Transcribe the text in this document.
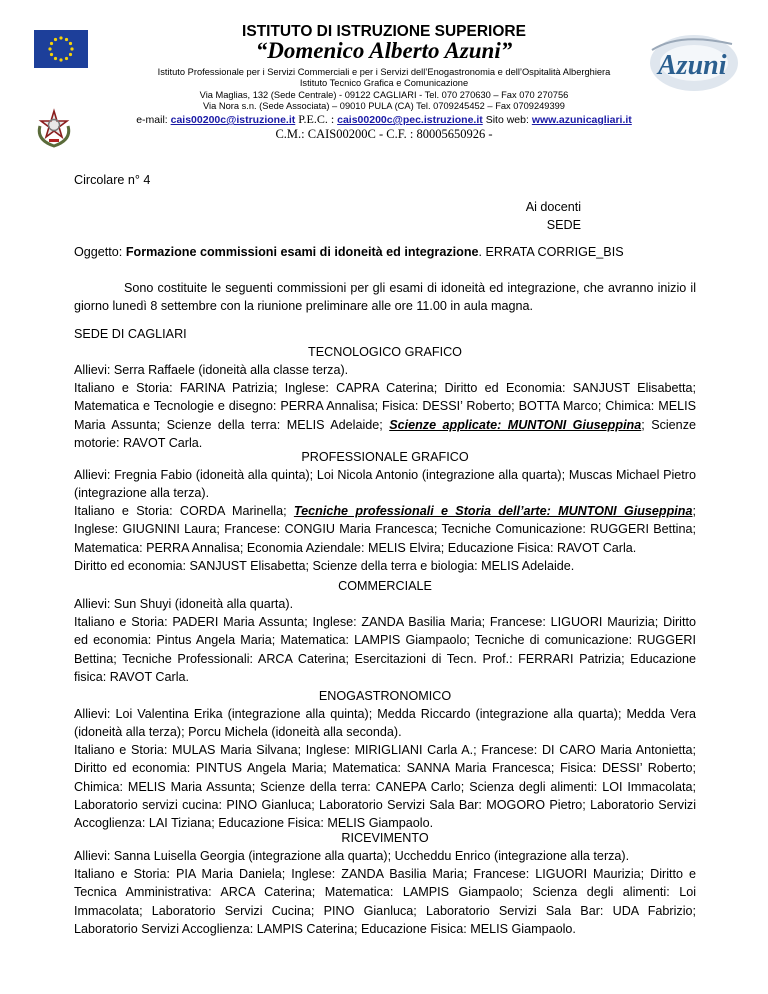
Azuni
ISTITUTO DI ISTRUZIONE SUPERIORE
“Domenico Alberto Azuni”
Istituto Professionale per i Servizi Commerciali e per i Servizi dell’Enogastronomia e dell’Ospitalità Alberghiera
Istituto Tecnico Grafica e Comunicazione
Via Maglias, 132 (Sede Centrale) - 09122 CAGLIARI - Tel. 070 270630 – Fax 070 270756
Via Nora s.n. (Sede Associata) – 09010 PULA (CA) Tel. 0709245452 – Fax 0709249399
e-mail: cais00200c@istruzione.it P.E.C. : cais00200c@pec.istruzione.it Sito web: www.azunicagliari.it
C.M.: CAIS00200C - C.F. : 80005650926 -
Circolare n° 4

Ai docenti

SEDE

Oggetto: Formazione commissioni esami di idoneità ed integrazione. ERRATA CORRIGE_BIS
Sono costituite le seguenti commissioni per gli esami di idoneità ed integrazione, che avranno inizio il giorno lunedì 8 settembre con la riunione preliminare alle ore 11.00 in aula magna.
SEDE DI CAGLIARI
TECNOLOGICO GRAFICO
Allievi: Serra Raffaele (idoneità alla classe terza).
Italiano e Storia: FARINA Patrizia; Inglese: CAPRA Caterina; Diritto ed Economia: SANJUST Elisabetta; Matematica e Tecnologie e disegno: PERRA Annalisa; Fisica: DESSI’ Roberto; BOTTA Marco; Chimica: MELIS Maria Assunta; Scienze della terra: MELIS Adelaide; Scienze applicate: MUNTONI Giuseppina; Scienze motorie: RAVOT Carla.
PROFESSIONALE GRAFICO
Allievi: Fregnia Fabio (idoneità alla quinta); Loi Nicola Antonio (integrazione alla quarta); Muscas Michael Pietro (integrazione alla terza).
Italiano e Storia: CORDA Marinella; Tecniche professionali e Storia dell’arte: MUNTONI Giuseppina; Inglese: GIUGNINI Laura; Francese: CONGIU Maria Francesca; Tecniche Comunicazione: RUGGERI Bettina; Matematica: PERRA Annalisa; Economia Aziendale: MELIS Elvira; Educazione Fisica: RAVOT Carla.
Diritto ed economia: SANJUST Elisabetta; Scienze della terra e biologia: MELIS Adelaide.
COMMERCIALE
Allievi: Sun Shuyi (idoneità alla quarta).
Italiano e Storia: PADERI Maria Assunta; Inglese: ZANDA Basilia Maria; Francese: LIGUORI Maurizia; Diritto ed economia: Pintus Angela Maria; Matematica: LAMPIS Giampaolo; Tecniche di comunicazione: RUGGERI Bettina; Tecniche Professionali: ARCA Caterina; Esercitazioni di Tecn. Prof.: FERRARI Patrizia; Educazione fisica: RAVOT Carla.
ENOGASTRONOMICO
Allievi: Loi Valentina Erika (integrazione alla quinta); Medda Riccardo (integrazione alla quarta); Medda Vera (idoneità alla terza); Porcu Michela (idoneità alla seconda).
Italiano e Storia: MULAS Maria Silvana; Inglese: MIRIGLIANI Carla A.; Francese: DI CARO Maria Antonietta; Diritto ed economia: PINTUS Angela Maria; Matematica: SANNA Maria Francesca; Fisica: DESSI’ Roberto; Chimica: MELIS Maria Assunta; Scienze della terra: CANEPA Carlo; Scienza degli alimenti: LOI Immacolata; Laboratorio servizi cucina: PINO Gianluca; Laboratorio Servizi Sala Bar: MOGORO Pietro; Laboratorio Servizi Accoglienza: LAI Tiziana; Educazione Fisica: MELIS Giampaolo.
RICEVIMENTO
Allievi: Sanna Luisella Georgia (integrazione alla quarta); Uccheddu Enrico (integrazione alla terza).
Italiano e Storia: PIA Maria Daniela; Inglese: ZANDA Basilia Maria; Francese: LIGUORI Maurizia; Diritto e Tecnica Amministrativa: ARCA Caterina; Matematica: LAMPIS Giampaolo; Scienza degli alimenti: Loi Immacolata; Laboratorio Servizi Cucina; PINO Gianluca; Laboratorio Servizi Sala Bar: UDA Fabrizio; Laboratorio Servizi Accoglienza: LAMPIS Caterina; Educazione Fisica: MELIS Giampaolo.
